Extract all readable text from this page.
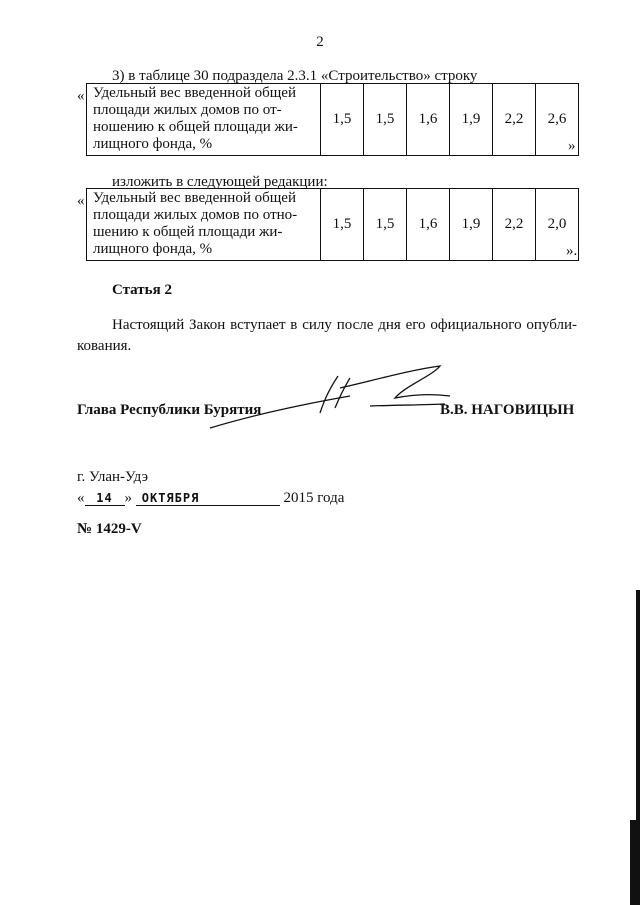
2
3) в таблице 30 подраздела 2.3.1 «Строительство» строку
« Удельный вес введенной общей
площади жилых домов по от-
ношению к общей площади жи-
лищного фонда, %
	1,5	1,5	1,6	1,9	2,2	2,6
»
изложить в следующей редакции:
« Удельный вес введенной общей
площади жилых домов по отно-
шению к общей площади жи-
лищного фонда, %
	1,5	1,5	1,6	1,9	2,2	2,0
».
Статья 2
Настоящий Закон вступает в силу после дня его официального опубли-кования.
Глава Республики Бурятия	В.В. НАГОВИЦЫН
г. Улан-Удэ
« 14 » ОКТЯБРЯ	2015 года
№ 1429-V
